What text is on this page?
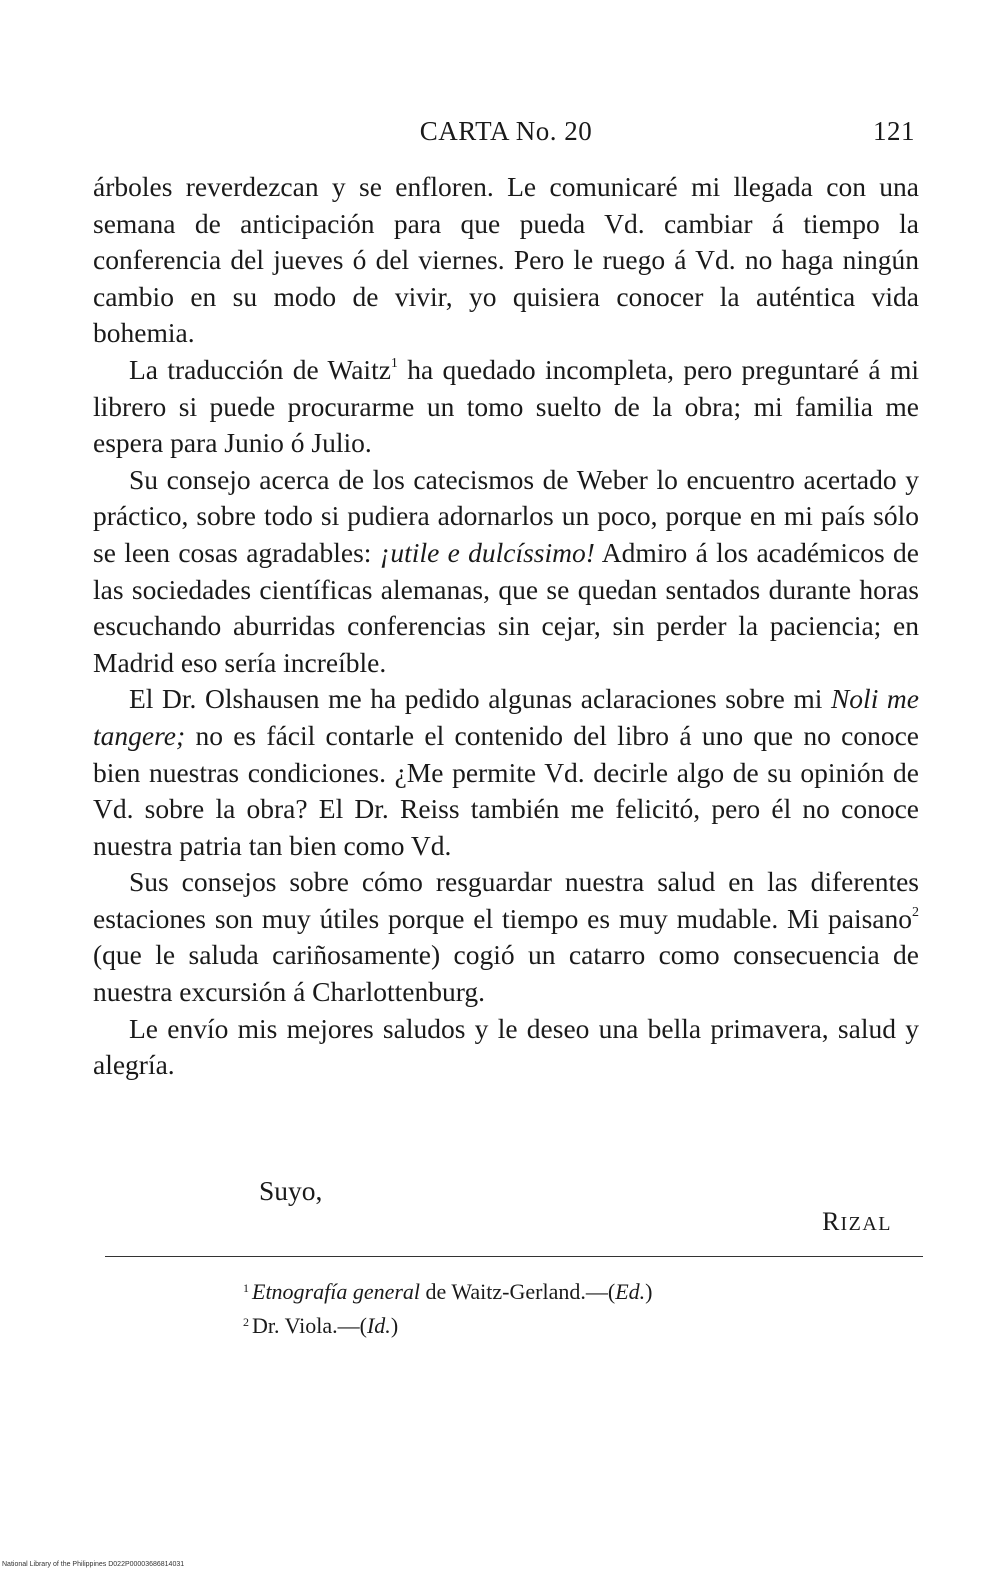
CARTA No. 20	121

árboles reverdezcan y se enfloren. Le comunicaré mi llegada con una semana de anticipación para que pueda Vd. cambiar á tiempo la conferencia del jueves ó del viernes. Pero le ruego á Vd. no haga ningún cambio en su modo de vivir, yo quisiera conocer la auténtica vida bohemia.

La traducción de Waitz$^1$ ha quedado incompleta, pero preguntaré á mi librero si puede procurarme un tomo suelto de la obra; mi familia me espera para Junio ó Julio.

Su consejo acerca de los catecismos de Weber lo encuentro acertado y práctico, sobre todo si pudiera adornarlos un poco, porque en mi país sólo se leen cosas agradables: ¡utile e dulcíssimo! Admiro á los académicos de las sociedades científicas alemanas, que se quedan sentados durante horas escuchando aburridas conferencias sin cejar, sin perder la paciencia; en Madrid eso sería increíble.

El Dr. Olshausen me ha pedido algunas aclaraciones sobre mi Noli me tangere; no es fácil contarle el contenido del libro á uno que no conoce bien nuestras condiciones. ¿Me permite Vd. decirle algo de su opinión de Vd. sobre la obra? El Dr. Reiss también me felicitó, pero él no conoce nuestra patria tan bien como Vd.

Sus consejos sobre cómo resguardar nuestra salud en las diferentes estaciones son muy útiles porque el tiempo es muy mudable. Mi paisano$^2$ (que le saluda cariñosamente) cogió un catarro como consecuencia de nuestra excursión á Charlottenburg.

Le envío mis mejores saludos y le deseo una bella primavera, salud y alegría.

Suyo,
RIZAL
$^1$ Etnografía general de Waitz-Gerland.—(Ed.)
$^2$ Dr. Viola.—(Id.)
National Library of the Philippines D022P00003686814031
